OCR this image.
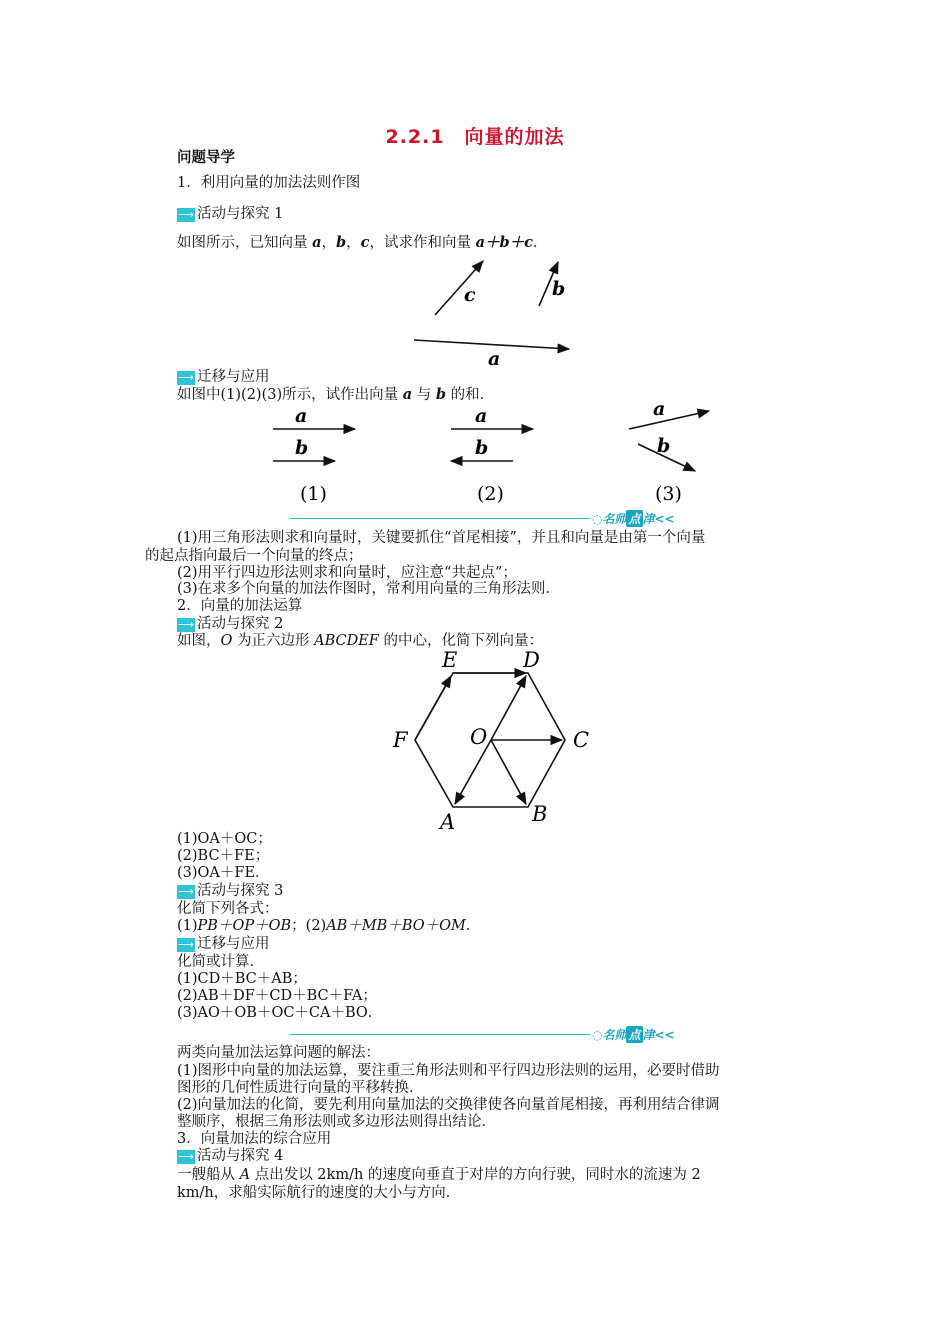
2.2.1　向量的加法
问题导学
1．利用向量的加法法则作图
⟶ 活动与探究 1
如图所示，已知向量 a，b，c，试求作和向量 a＋b＋c．
c	b
a
⟶ 迁移与应用
如图中(1)(2)(3)所示，试作出向量 a 与 b 的和．
a
b
(1)
a
b
(2)
a
b
(3)
◌名师 点 津<<
(1)用三角形法则求和向量时，关键要抓住“首尾相接”，并且和向量是由第一个向量
的起点指向最后一个向量的终点；
(2)用平行四边形法则求和向量时，应注意“共起点”；
(3)在求多个向量的加法作图时，常利用向量的三角形法则．
2．向量的加法运算
⟶ 活动与探究 2
如图，O 为正六边形 ABCDEF 的中心，化简下列向量：
E	D
F	O	C
A	B
(1)OA＋OC；
(2)BC＋FE；
(3)OA＋FE．
⟶ 活动与探究 3
化简下列各式：
(1)PB＋OP＋OB；(2)AB＋MB＋BO＋OM．
⟶ 迁移与应用
化简或计算．
(1)CD＋BC＋AB；
(2)AB＋DF＋CD＋BC＋FA；
(3)AO＋OB＋OC＋CA＋BO．
◌名师 点 津<<
两类向量加法运算问题的解法：
(1)图形中向量的加法运算，要注重三角形法则和平行四边形法则的运用，必要时借助
图形的几何性质进行向量的平移转换．
(2)向量加法的化简，要先利用向量加法的交换律使各向量首尾相接，再利用结合律调
整顺序，根据三角形法则或多边形法则得出结论．
3．向量加法的综合应用
⟶ 活动与探究 4
一艘船从 A 点出发以 2km/h 的速度向垂直于对岸的方向行驶，同时水的流速为 2
km/h，求船实际航行的速度的大小与方向．
